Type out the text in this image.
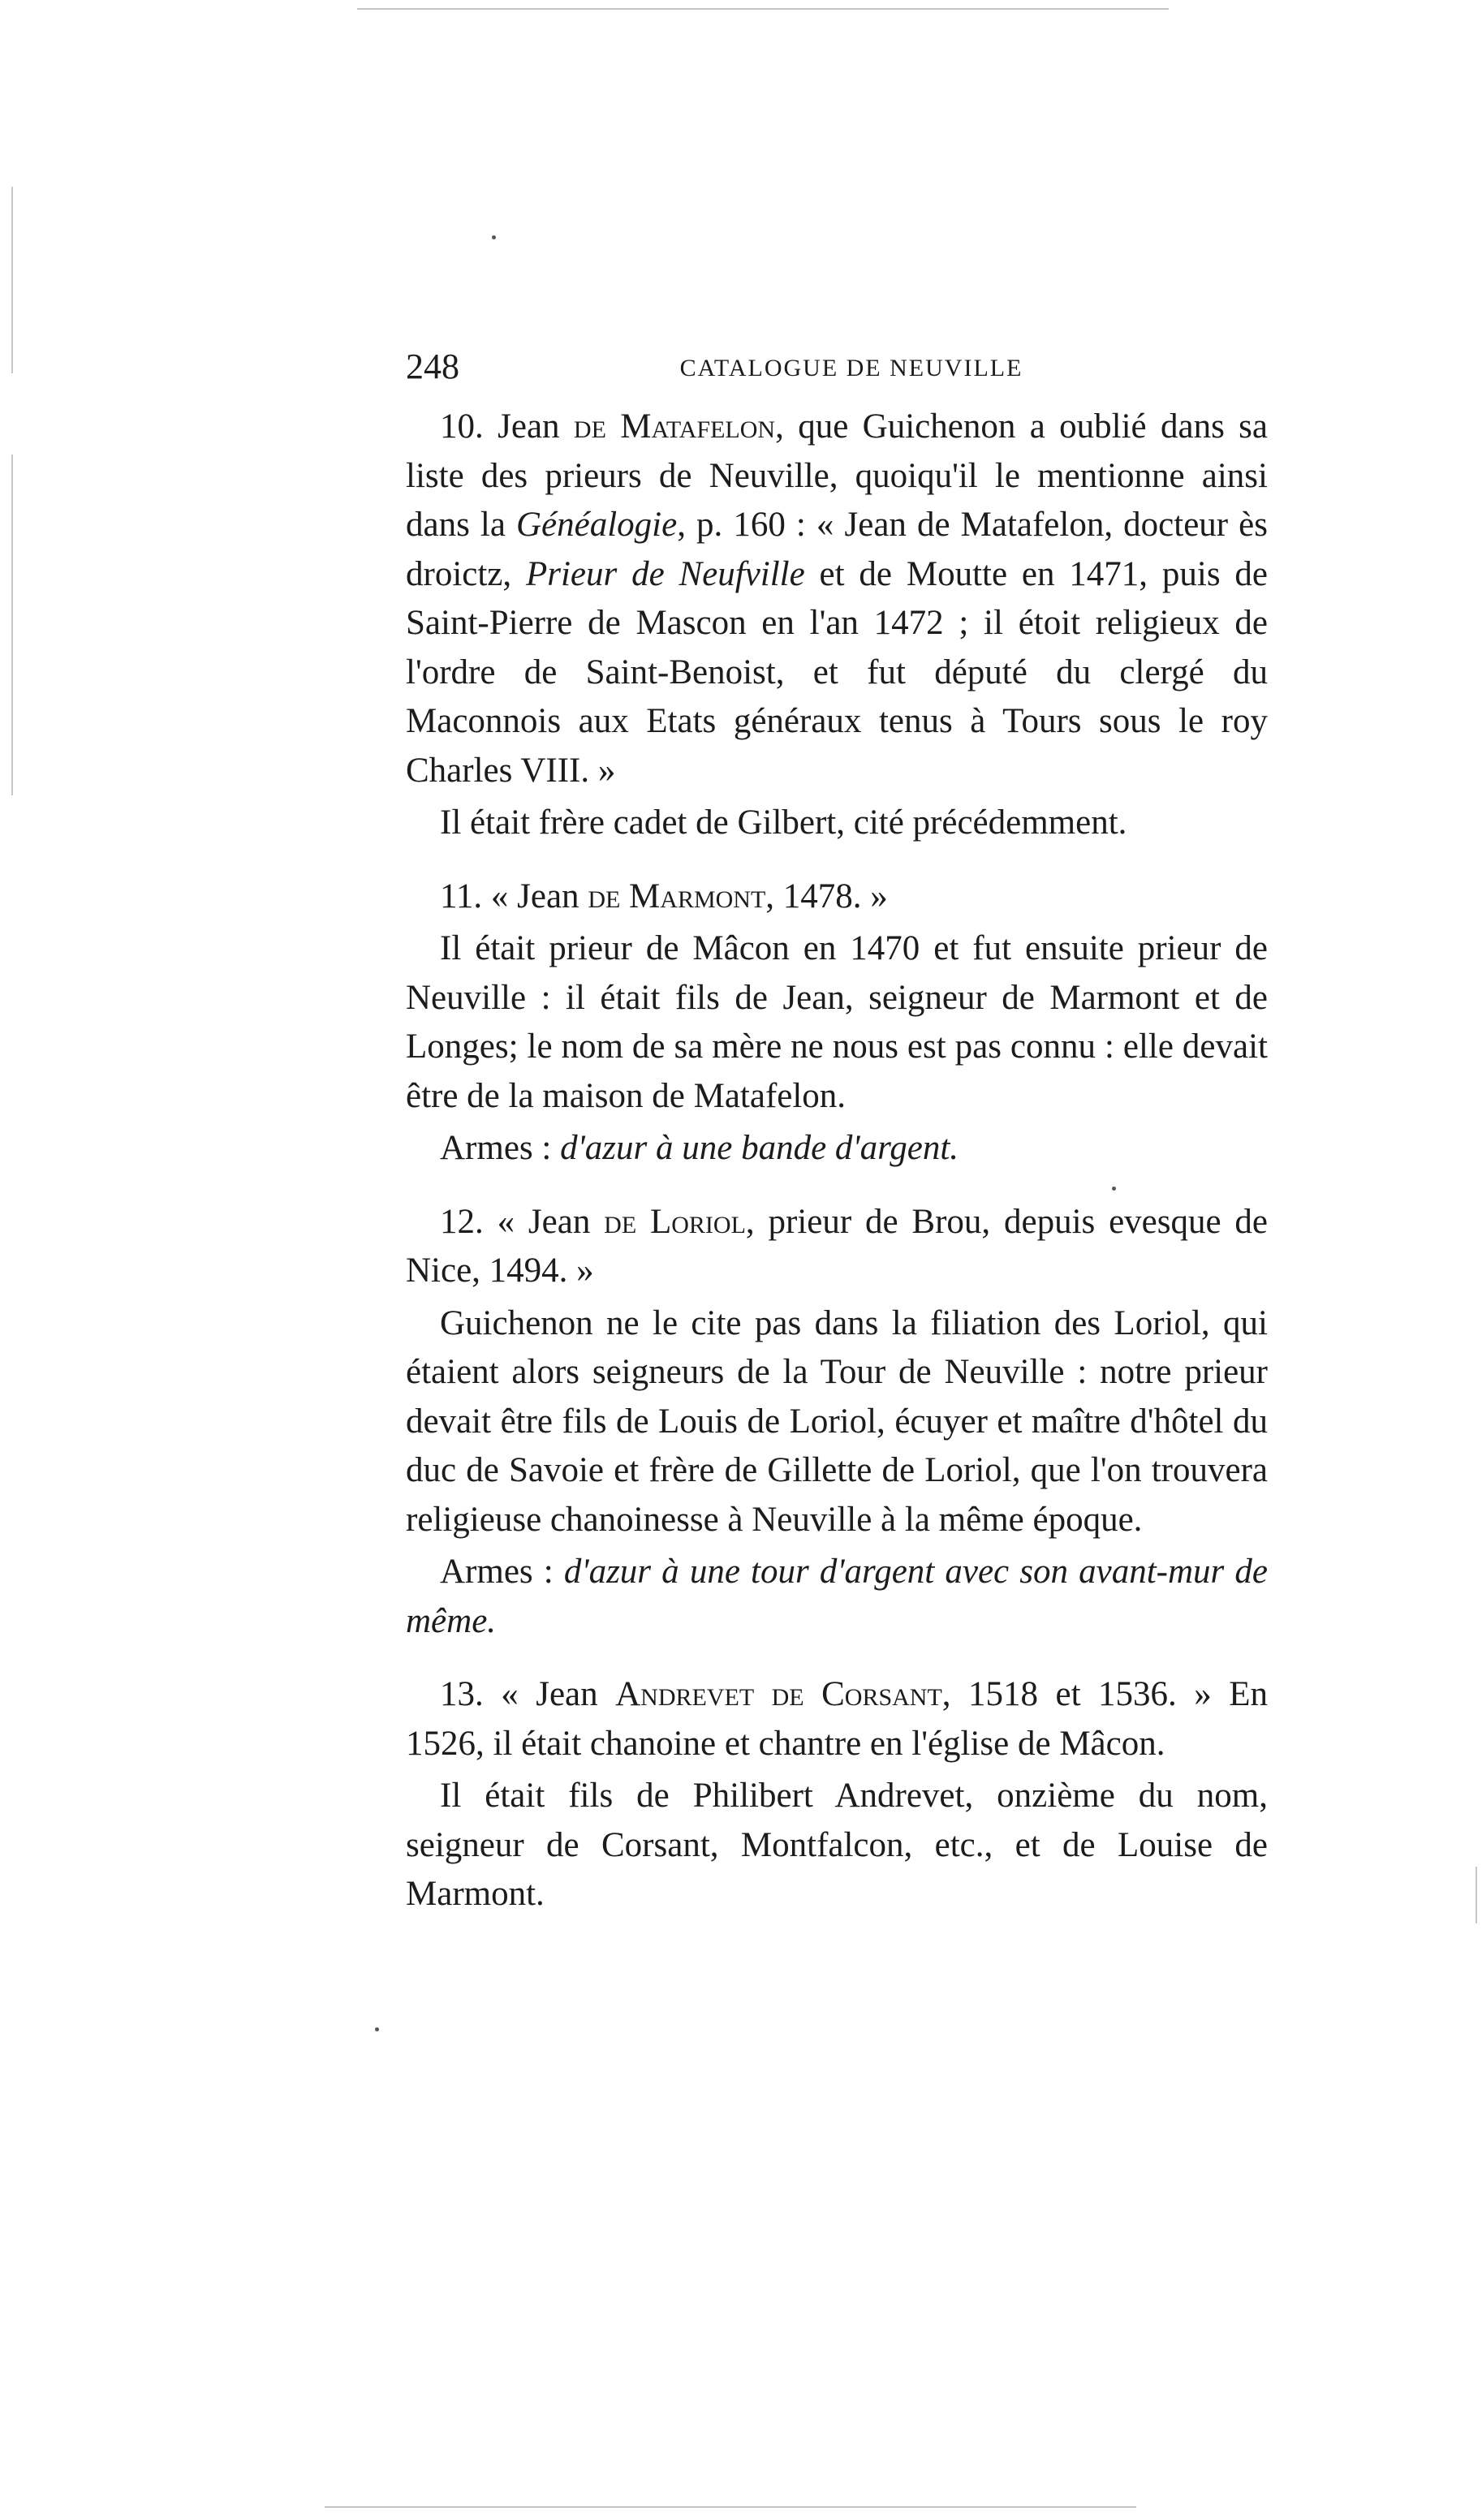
248	CATALOGUE DE NEUVILLE

10. Jean de Matafelon, que Guichenon a oublié dans sa liste des prieurs de Neuville, quoiqu'il le mentionne ainsi dans la Généalogie, p. 160 : « Jean de Matafelon, docteur ès droictz, Prieur de Neufville et de Moutte en 1471, puis de Saint-Pierre de Mascon en l'an 1472 ; il étoit religieux de l'ordre de Saint-Benoist, et fut député du clergé du Maconnois aux Etats généraux tenus à Tours sous le roy Charles VIII. »

Il était frère cadet de Gilbert, cité précédemment.

11. « Jean de Marmont, 1478. »

Il était prieur de Mâcon en 1470 et fut ensuite prieur de Neuville : il était fils de Jean, seigneur de Marmont et de Longes; le nom de sa mère ne nous est pas connu : elle devait être de la maison de Matafelon.

Armes : d'azur à une bande d'argent.

12. « Jean de Loriol, prieur de Brou, depuis evesque de Nice, 1494. »

Guichenon ne le cite pas dans la filiation des Loriol, qui étaient alors seigneurs de la Tour de Neuville : notre prieur devait être fils de Louis de Loriol, écuyer et maître d'hôtel du duc de Savoie et frère de Gillette de Loriol, que l'on trouvera religieuse chanoinesse à Neuville à la même époque.

Armes : d'azur à une tour d'argent avec son avant-mur de même.

13. « Jean Andrevet de Corsant, 1518 et 1536. » En 1526, il était chanoine et chantre en l'église de Mâcon.

Il était fils de Philibert Andrevet, onzième du nom, seigneur de Corsant, Montfalcon, etc., et de Louise de Marmont.
